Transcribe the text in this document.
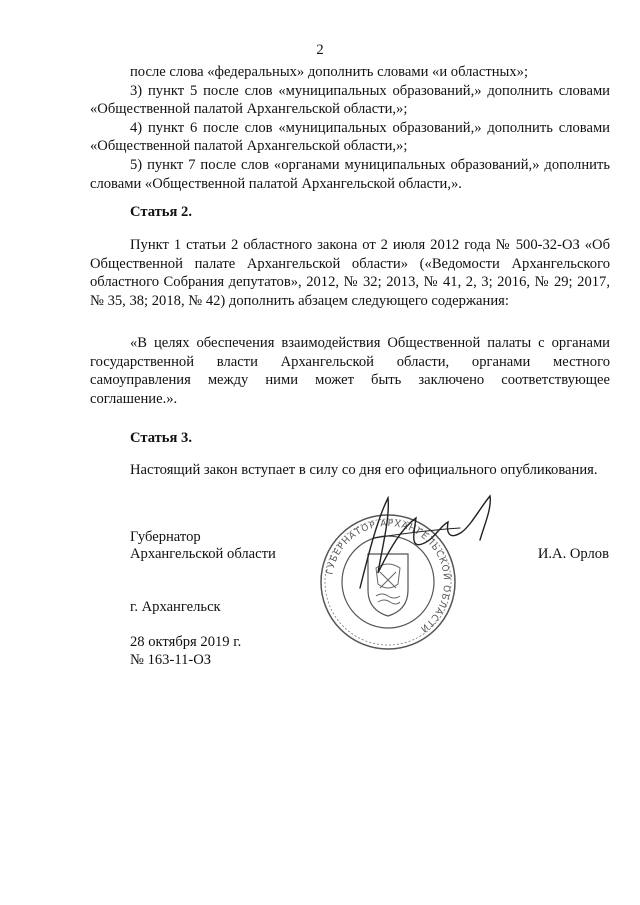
2

после слова «федеральных» дополнить словами «и областных»;

3) пункт 5 после слов «муниципальных образований,» дополнить словами «Общественной палатой Архангельской области,»;

4) пункт 6 после слов «муниципальных образований,» дополнить словами «Общественной палатой Архангельской области,»;

5) пункт 7 после слов «органами муниципальных образований,» дополнить словами «Общественной палатой Архангельской области,».

Статья 2.

Пункт 1 статьи 2 областного закона от 2 июля 2012 года № 500-32-ОЗ «Об Общественной палате Архангельской области» («Ведомости Архангельского областного Собрания депутатов», 2012, № 32; 2013, № 41, 2, 3; 2016, № 29; 2017, № 35, 38; 2018, № 42) дополнить абзацем следующего содержания:

«В целях обеспечения взаимодействия Общественной палаты с органами государственной власти Архангельской области, органами местного самоуправления между ними может быть заключено соответствующее соглашение.».

Статья 3.

Настоящий закон вступает в силу со дня его официального опубликования.

ГУБЕРНАТОР АРХАНГЕЛЬСКОЙ ОБЛАСТИ
Губернатор
Архангельской области	И.А. Орлов
г. Архангельск
28 октября 2019 г.
№ 163-11-ОЗ
